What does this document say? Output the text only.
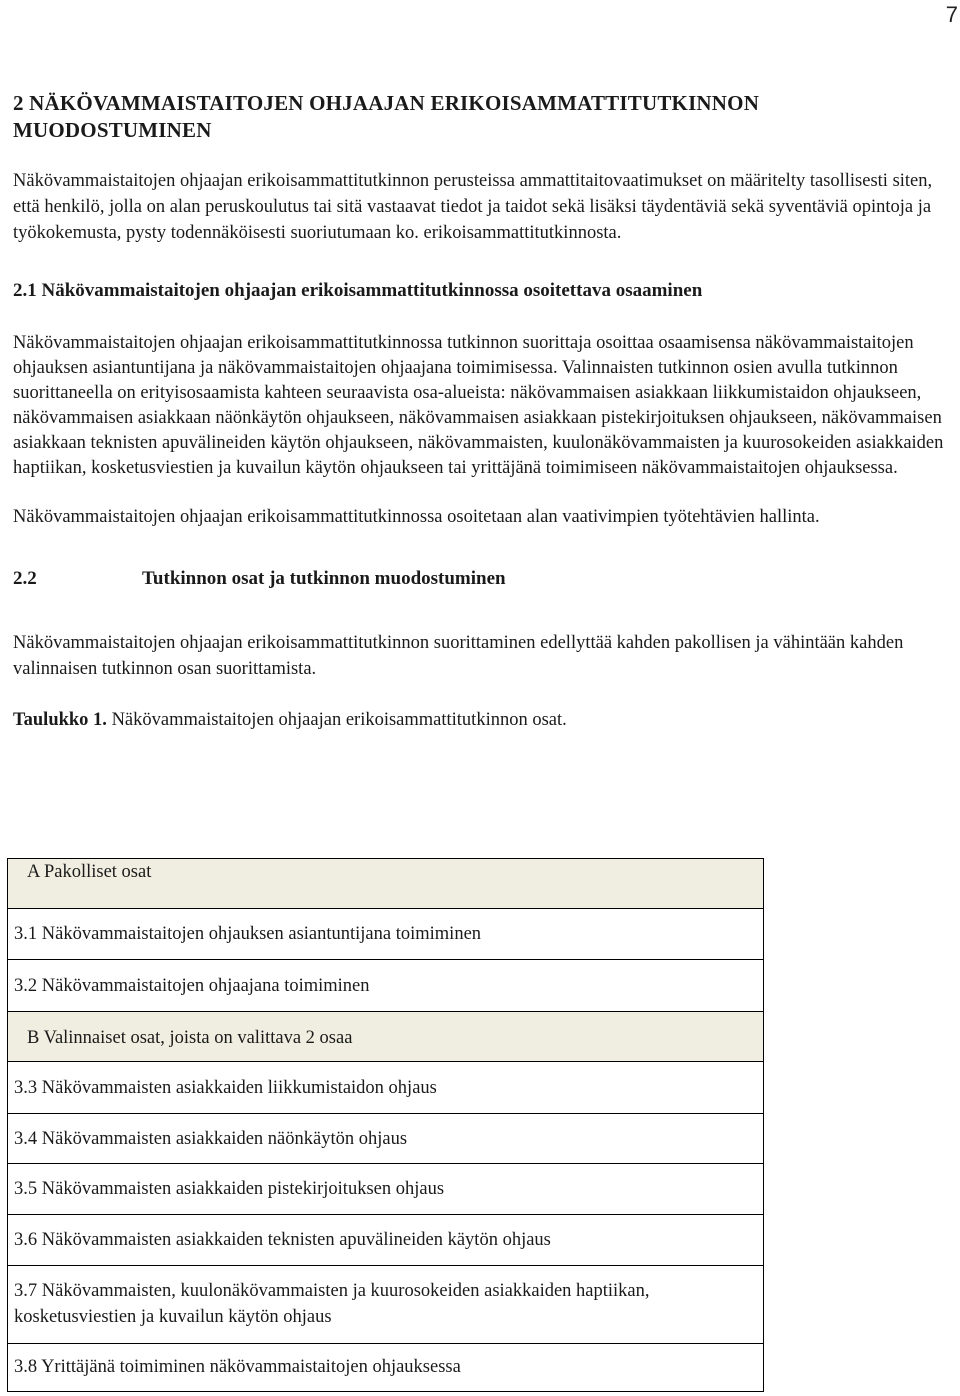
7
2 NÄKÖVAMMAISTAITOJEN OHJAAJAN ERIKOISAMMATTITUTKINNON
MUODOSTUMINEN

Näkövammaistaitojen ohjaajan erikoisammattitutkinnon perusteissa ammattitaitovaatimukset on määritelty tasollisesti siten, että henkilö, jolla on alan peruskoulutus tai sitä vastaavat tiedot ja taidot sekä lisäksi täydentäviä sekä syventäviä opintoja ja työkokemusta, pysty todennäköisesti suoriutumaan ko. erikoisammattitutkinnosta.

2.1 Näkövammaistaitojen ohjaajan erikoisammattitutkinnossa osoitettava osaaminen

Näkövammaistaitojen ohjaajan erikoisammattitutkinnossa tutkinnon suorittaja osoittaa osaamisensa näkövammaistaitojen ohjauksen asiantuntijana ja näkövammaistaitojen ohjaajana toimimisessa. Valinnaisten tutkinnon osien avulla tutkinnon suorittaneella on erityisosaamista kahteen seuraavista osa-alueista: näkövammaisen asiakkaan liikkumistaidon ohjaukseen, näkövammaisen asiakkaan näönkäytön ohjaukseen, näkövammaisen asiakkaan pistekirjoituksen ohjaukseen, näkövammaisen asiakkaan teknisten apuvälineiden käytön ohjaukseen, näkövammaisten, kuulonäkövammaisten ja kuurosokeiden asiakkaiden haptiikan, kosketusviestien ja kuvailun käytön ohjaukseen tai yrittäjänä toimimiseen näkövammaistaitojen ohjauksessa.

Näkövammaistaitojen ohjaajan erikoisammattitutkinnossa osoitetaan alan vaativimpien työtehtävien hallinta.

2.2	Tutkinnon osat ja tutkinnon muodostuminen

Näkövammaistaitojen ohjaajan erikoisammattitutkinnon suorittaminen edellyttää kahden pakollisen ja vähintään kahden valinnaisen tutkinnon osan suorittamista.

Taulukko 1. Näkövammaistaitojen ohjaajan erikoisammattitutkinnon osat.

A Pakolliset osat
3.1 Näkövammaistaitojen ohjauksen asiantuntijana toimiminen
3.2 Näkövammaistaitojen ohjaajana toimiminen
B Valinnaiset osat, joista on valittava 2 osaa
3.3 Näkövammaisten asiakkaiden liikkumistaidon ohjaus
3.4 Näkövammaisten asiakkaiden näönkäytön ohjaus
3.5 Näkövammaisten asiakkaiden pistekirjoituksen ohjaus
3.6 Näkövammaisten asiakkaiden teknisten apuvälineiden käytön ohjaus
3.7 Näkövammaisten, kuulonäkövammaisten ja kuurosokeiden asiakkaiden haptiikan, kosketusviestien ja kuvailun käytön ohjaus
3.8 Yrittäjänä toimiminen näkövammaistaitojen ohjauksessa
